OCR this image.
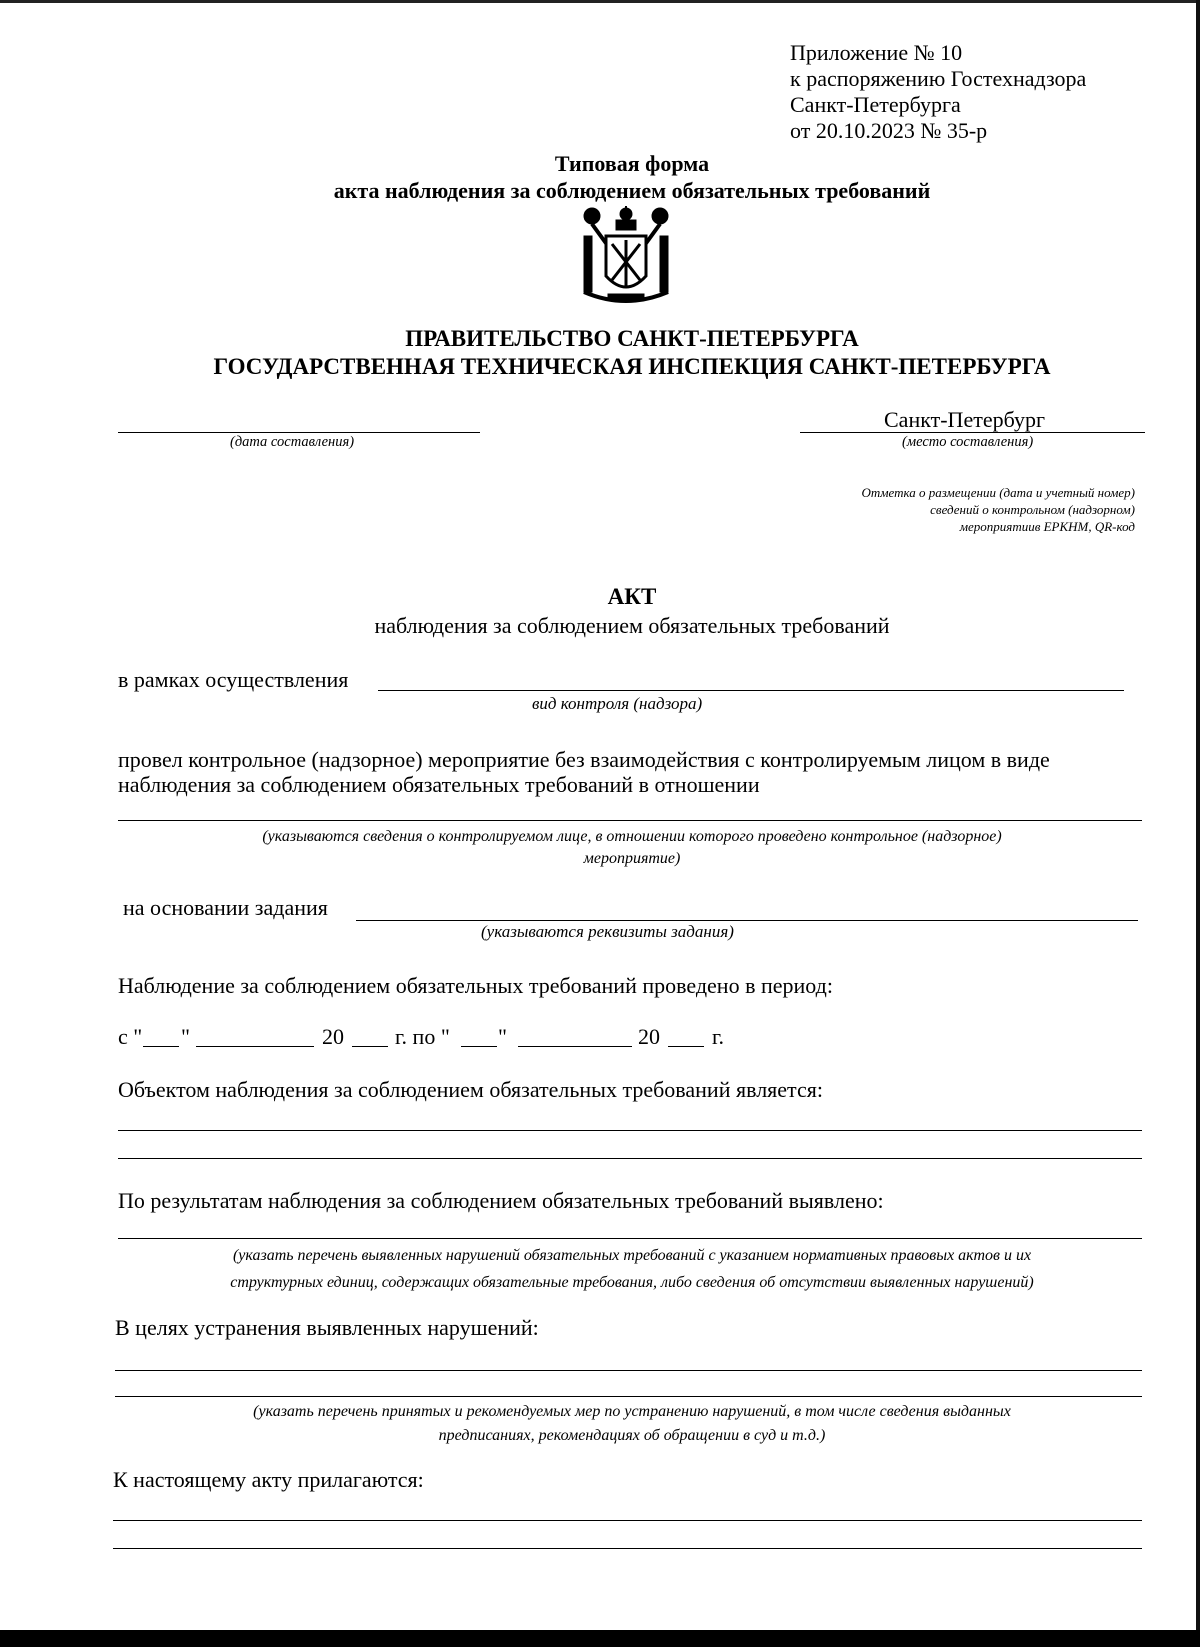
Приложение № 10
к распоряжению Гостехнадзора
Санкт-Петербурга
от 20.10.2023 № 35-р
Типовая форма
акта наблюдения за соблюдением обязательных требований
ПРАВИТЕЛЬСТВО САНКТ-ПЕТЕРБУРГА
ГОСУДАРСТВЕННАЯ ТЕХНИЧЕСКАЯ ИНСПЕКЦИЯ САНКТ-ПЕТЕРБУРГА
(дата составления)
Санкт-Петербург
(место составления)
Отметка о размещении (дата и учетный номер)
сведений о контрольном (надзорном)
мероприятиив ЕРКНМ, QR-код
АКТ
наблюдения за соблюдением обязательных требований
в рамках осуществления
вид контроля (надзора)
провел контрольное (надзорное) мероприятие без взаимодействия с контролируемым лицом в виде
наблюдения за соблюдением обязательных требований в отношении
(указываются сведения о контролируемом лице, в отношении которого проведено контрольное (надзорное)
мероприятие)
на основании задания
(указываются реквизиты задания)
Наблюдение за соблюдением обязательных требований проведено в период:
с " "	20 г. по " "	20 г.
Объектом наблюдения за соблюдением обязательных требований является:
По результатам наблюдения за соблюдением обязательных требований выявлено:
(указать перечень выявленных нарушений обязательных требований с указанием нормативных правовых актов и их
структурных единиц, содержащих обязательные требования, либо сведения об отсутствии выявленных нарушений)
В целях устранения выявленных нарушений:
(указать перечень принятых и рекомендуемых мер по устранению нарушений, в том числе сведения выданных
предписаниях, рекомендациях об обращении в суд и т.д.)
К настоящему акту прилагаются:
